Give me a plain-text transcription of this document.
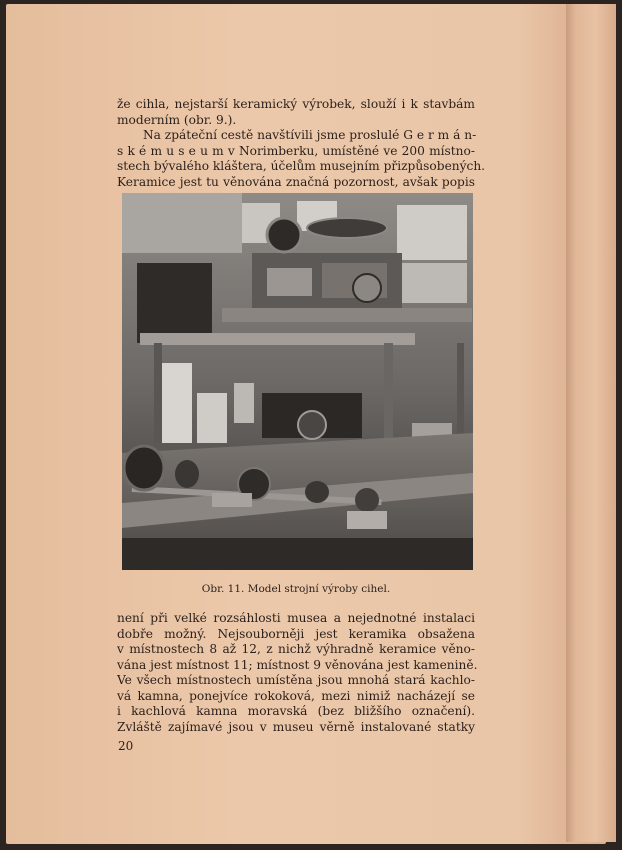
že cihla, nejstarší keramický výrobek, slouží i k stavbám
moderním (obr. 9.).
Na zpáteční cestě navštívili jsme proslulé G e r m á n-
s k é m u s e u m v Norimberku, umístěné ve 200 místno-
stech bývalého kláštera, účelům musejním přizpůsobených.
Keramice jest tu věnována značná pozornost, avšak popis
Obr. 11. Model strojní výroby cihel.
není při velké rozsáhlosti musea a nejednotné instalaci
dobře možný. Nejsouborněji jest keramika obsažena
v místnostech 8 až 12, z nichž výhradně keramice věno-
vána jest místnost 11; místnost 9 věnována jest kamenině.
Ve všech místnostech umístěna jsou mnohá stará kachlo-
vá kamna, ponejvíce rokoková, mezi nimiž nacházejí se
i kachlová kamna moravská (bez bližšího označení).
Zvláště zajímavé jsou v museu věrně instalované statky
20
